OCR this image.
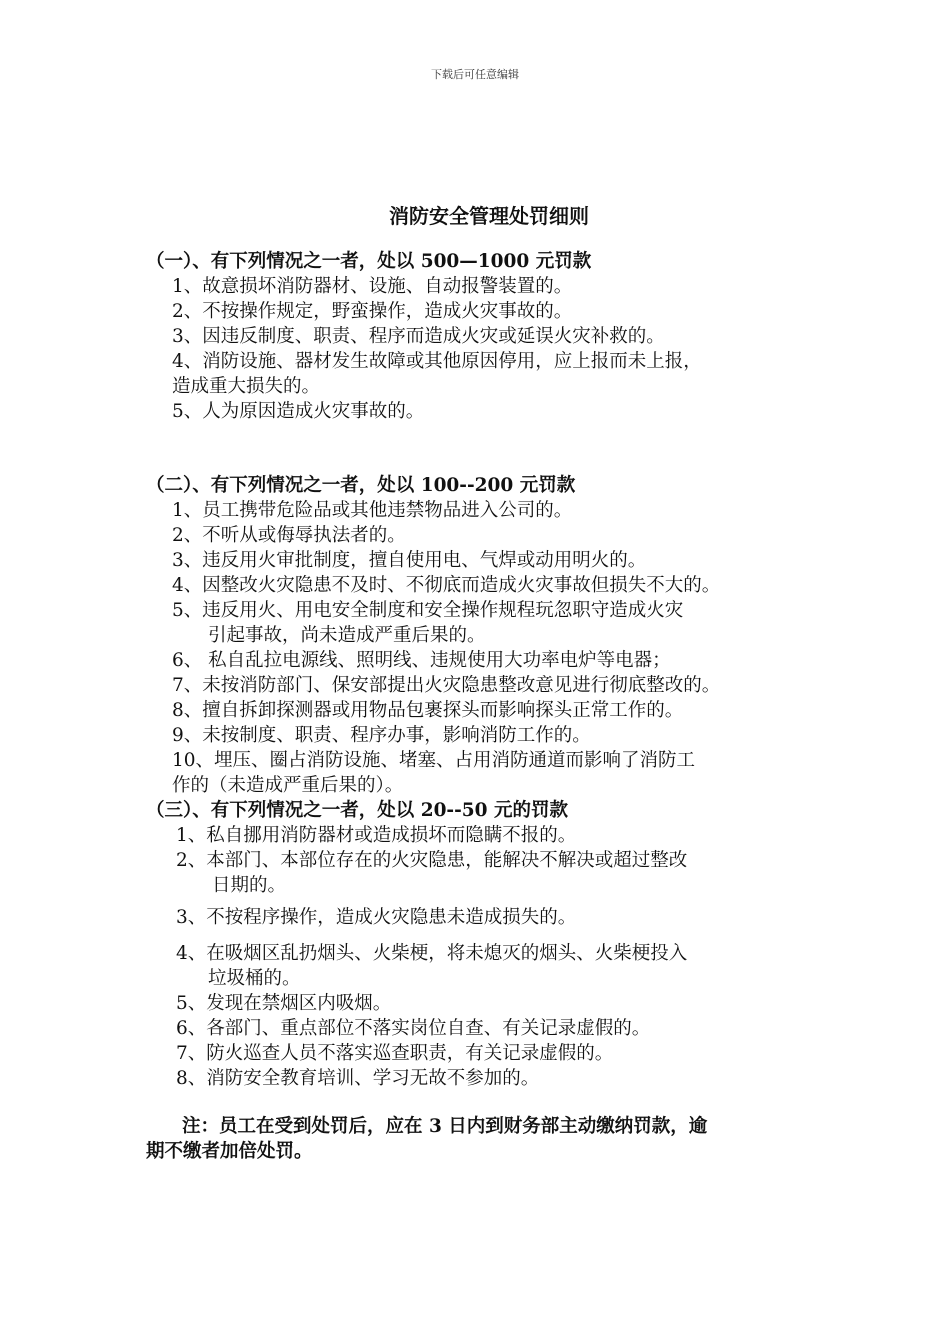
下载后可任意编辑
消防安全管理处罚细则
（一）、有下列情况之一者，处以 500—1000 元罚款
1、故意损坏消防器材、设施、自动报警装置的。
2、不按操作规定，野蛮操作，造成火灾事故的。
3、因违反制度、职责、程序而造成火灾或延误火灾补救的。
4、消防设施、器材发生故障或其他原因停用，应上报而未上报，
造成重大损失的。
5、人为原因造成火灾事故的。
（二）、有下列情况之一者，处以 100--200 元罚款
1、员工携带危险品或其他违禁物品进入公司的。
2、不听从或侮辱执法者的。
3、违反用火审批制度，擅自使用电、气焊或动用明火的。
4、因整改火灾隐患不及时、不彻底而造成火灾事故但损失不大的。
5、违反用火、用电安全制度和安全操作规程玩忽职守造成火灾
引起事故，尚未造成严重后果的。
6、 私自乱拉电源线、照明线、违规使用大功率电炉等电器；
7、未按消防部门、保安部提出火灾隐患整改意见进行彻底整改的。
8、擅自拆卸探测器或用物品包裹探头而影响探头正常工作的。
9、未按制度、职责、程序办事，影响消防工作的。
10、埋压、圈占消防设施、堵塞、占用消防通道而影响了消防工
作的（未造成严重后果的）。
（三）、有下列情况之一者，处以 20--50 元的罚款
1、私自挪用消防器材或造成损坏而隐瞒不报的。
2、本部门、本部位存在的火灾隐患，能解决不解决或超过整改
日期的。
3、不按程序操作，造成火灾隐患未造成损失的。
4、在吸烟区乱扔烟头、火柴梗，将未熄灭的烟头、火柴梗投入
垃圾桶的。
5、发现在禁烟区内吸烟。
6、各部门、重点部位不落实岗位自查、有关记录虚假的。
7、防火巡查人员不落实巡查职责，有关记录虚假的。
8、消防安全教育培训、学习无故不参加的。
注：员工在受到处罚后，应在 3 日内到财务部主动缴纳罚款，逾
期不缴者加倍处罚。
